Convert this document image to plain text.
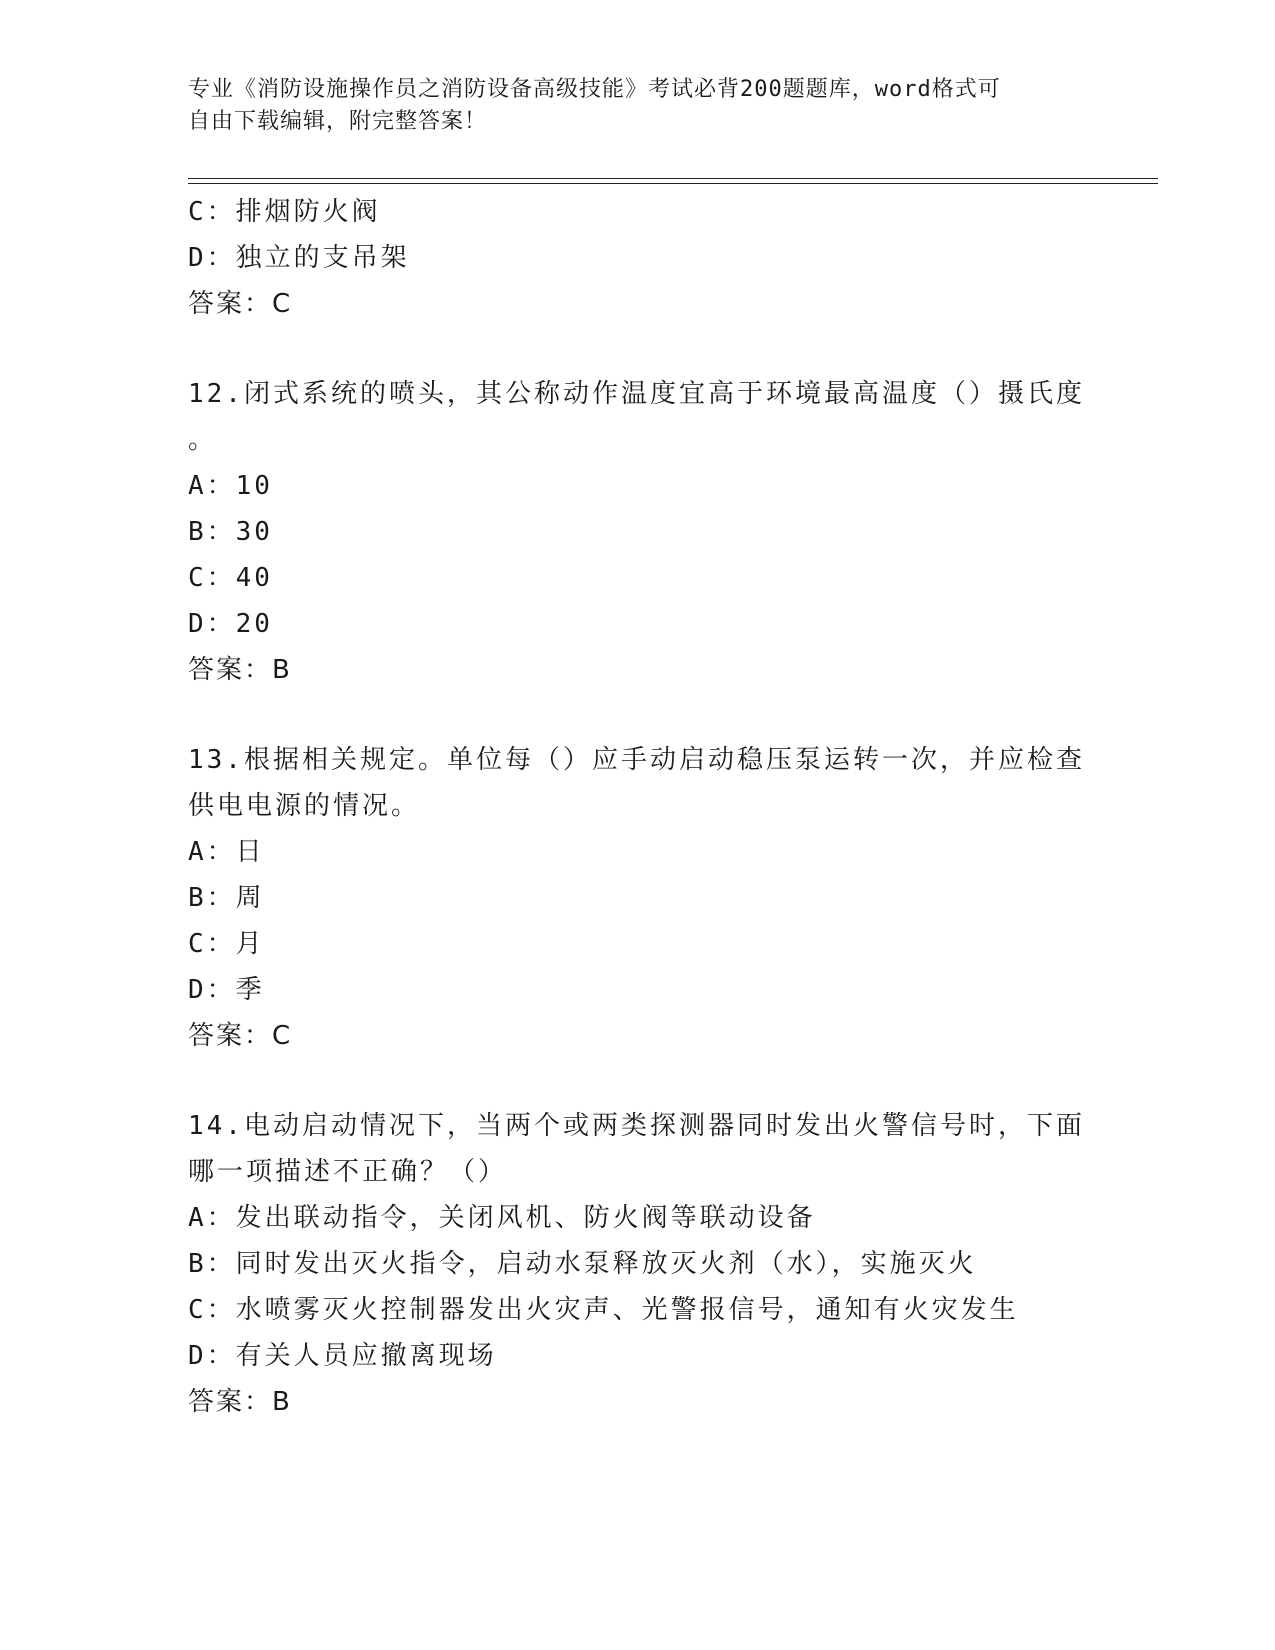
专业《消防设施操作员之消防设备高级技能》考试必背200题题库，word格式可
自由下载编辑，附完整答案！
C：排烟防火阀
D：独立的支吊架
答案：C
12.闭式系统的喷头，其公称动作温度宜高于环境最高温度（）摄氏度
。
A：10
B：30
C：40
D：20
答案：B
13.根据相关规定。单位每（）应手动启动稳压泵运转一次，并应检查
供电电源的情况。
A：日
B：周
C：月
D：季
答案：C
14.电动启动情况下，当两个或两类探测器同时发出火警信号时，下面
哪一项描述不正确？（）
A：发出联动指令，关闭风机、防火阀等联动设备
B：同时发出灭火指令，启动水泵释放灭火剂（水），实施灭火
C：水喷雾灭火控制器发出火灾声、光警报信号，通知有火灾发生
D：有关人员应撤离现场
答案：B
